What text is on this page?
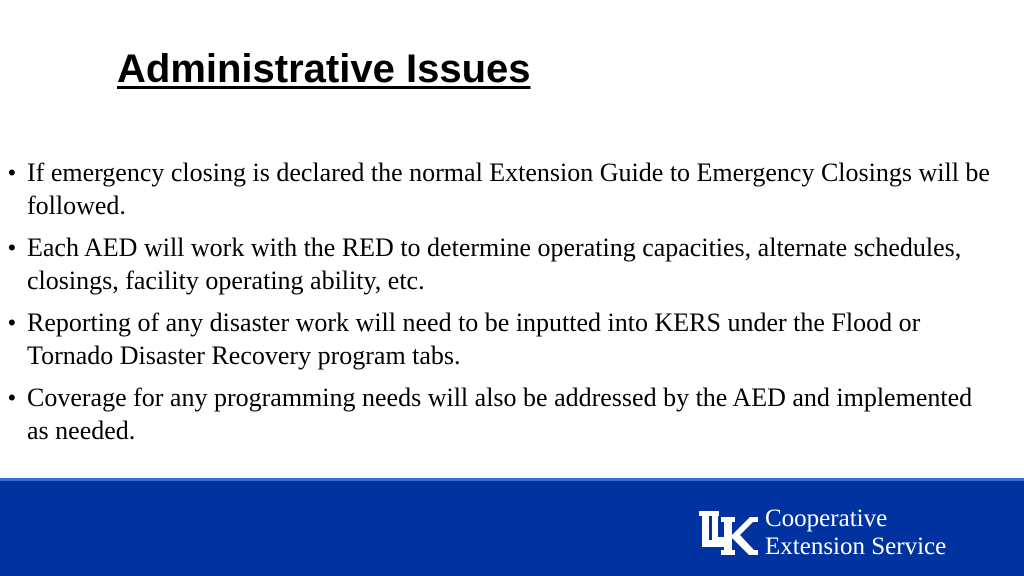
Administrative Issues
• If emergency closing is declared the normal Extension Guide to Emergency Closings will be followed.
• Each AED will work with the RED to determine operating capacities, alternate schedules, closings, facility operating ability, etc.
• Reporting of any disaster work will need to be inputted into KERS under the Flood or Tornado Disaster Recovery program tabs.
• Coverage for any programming needs will also be addressed by the AED and implemented as needed.
Cooperative
Extension Service
